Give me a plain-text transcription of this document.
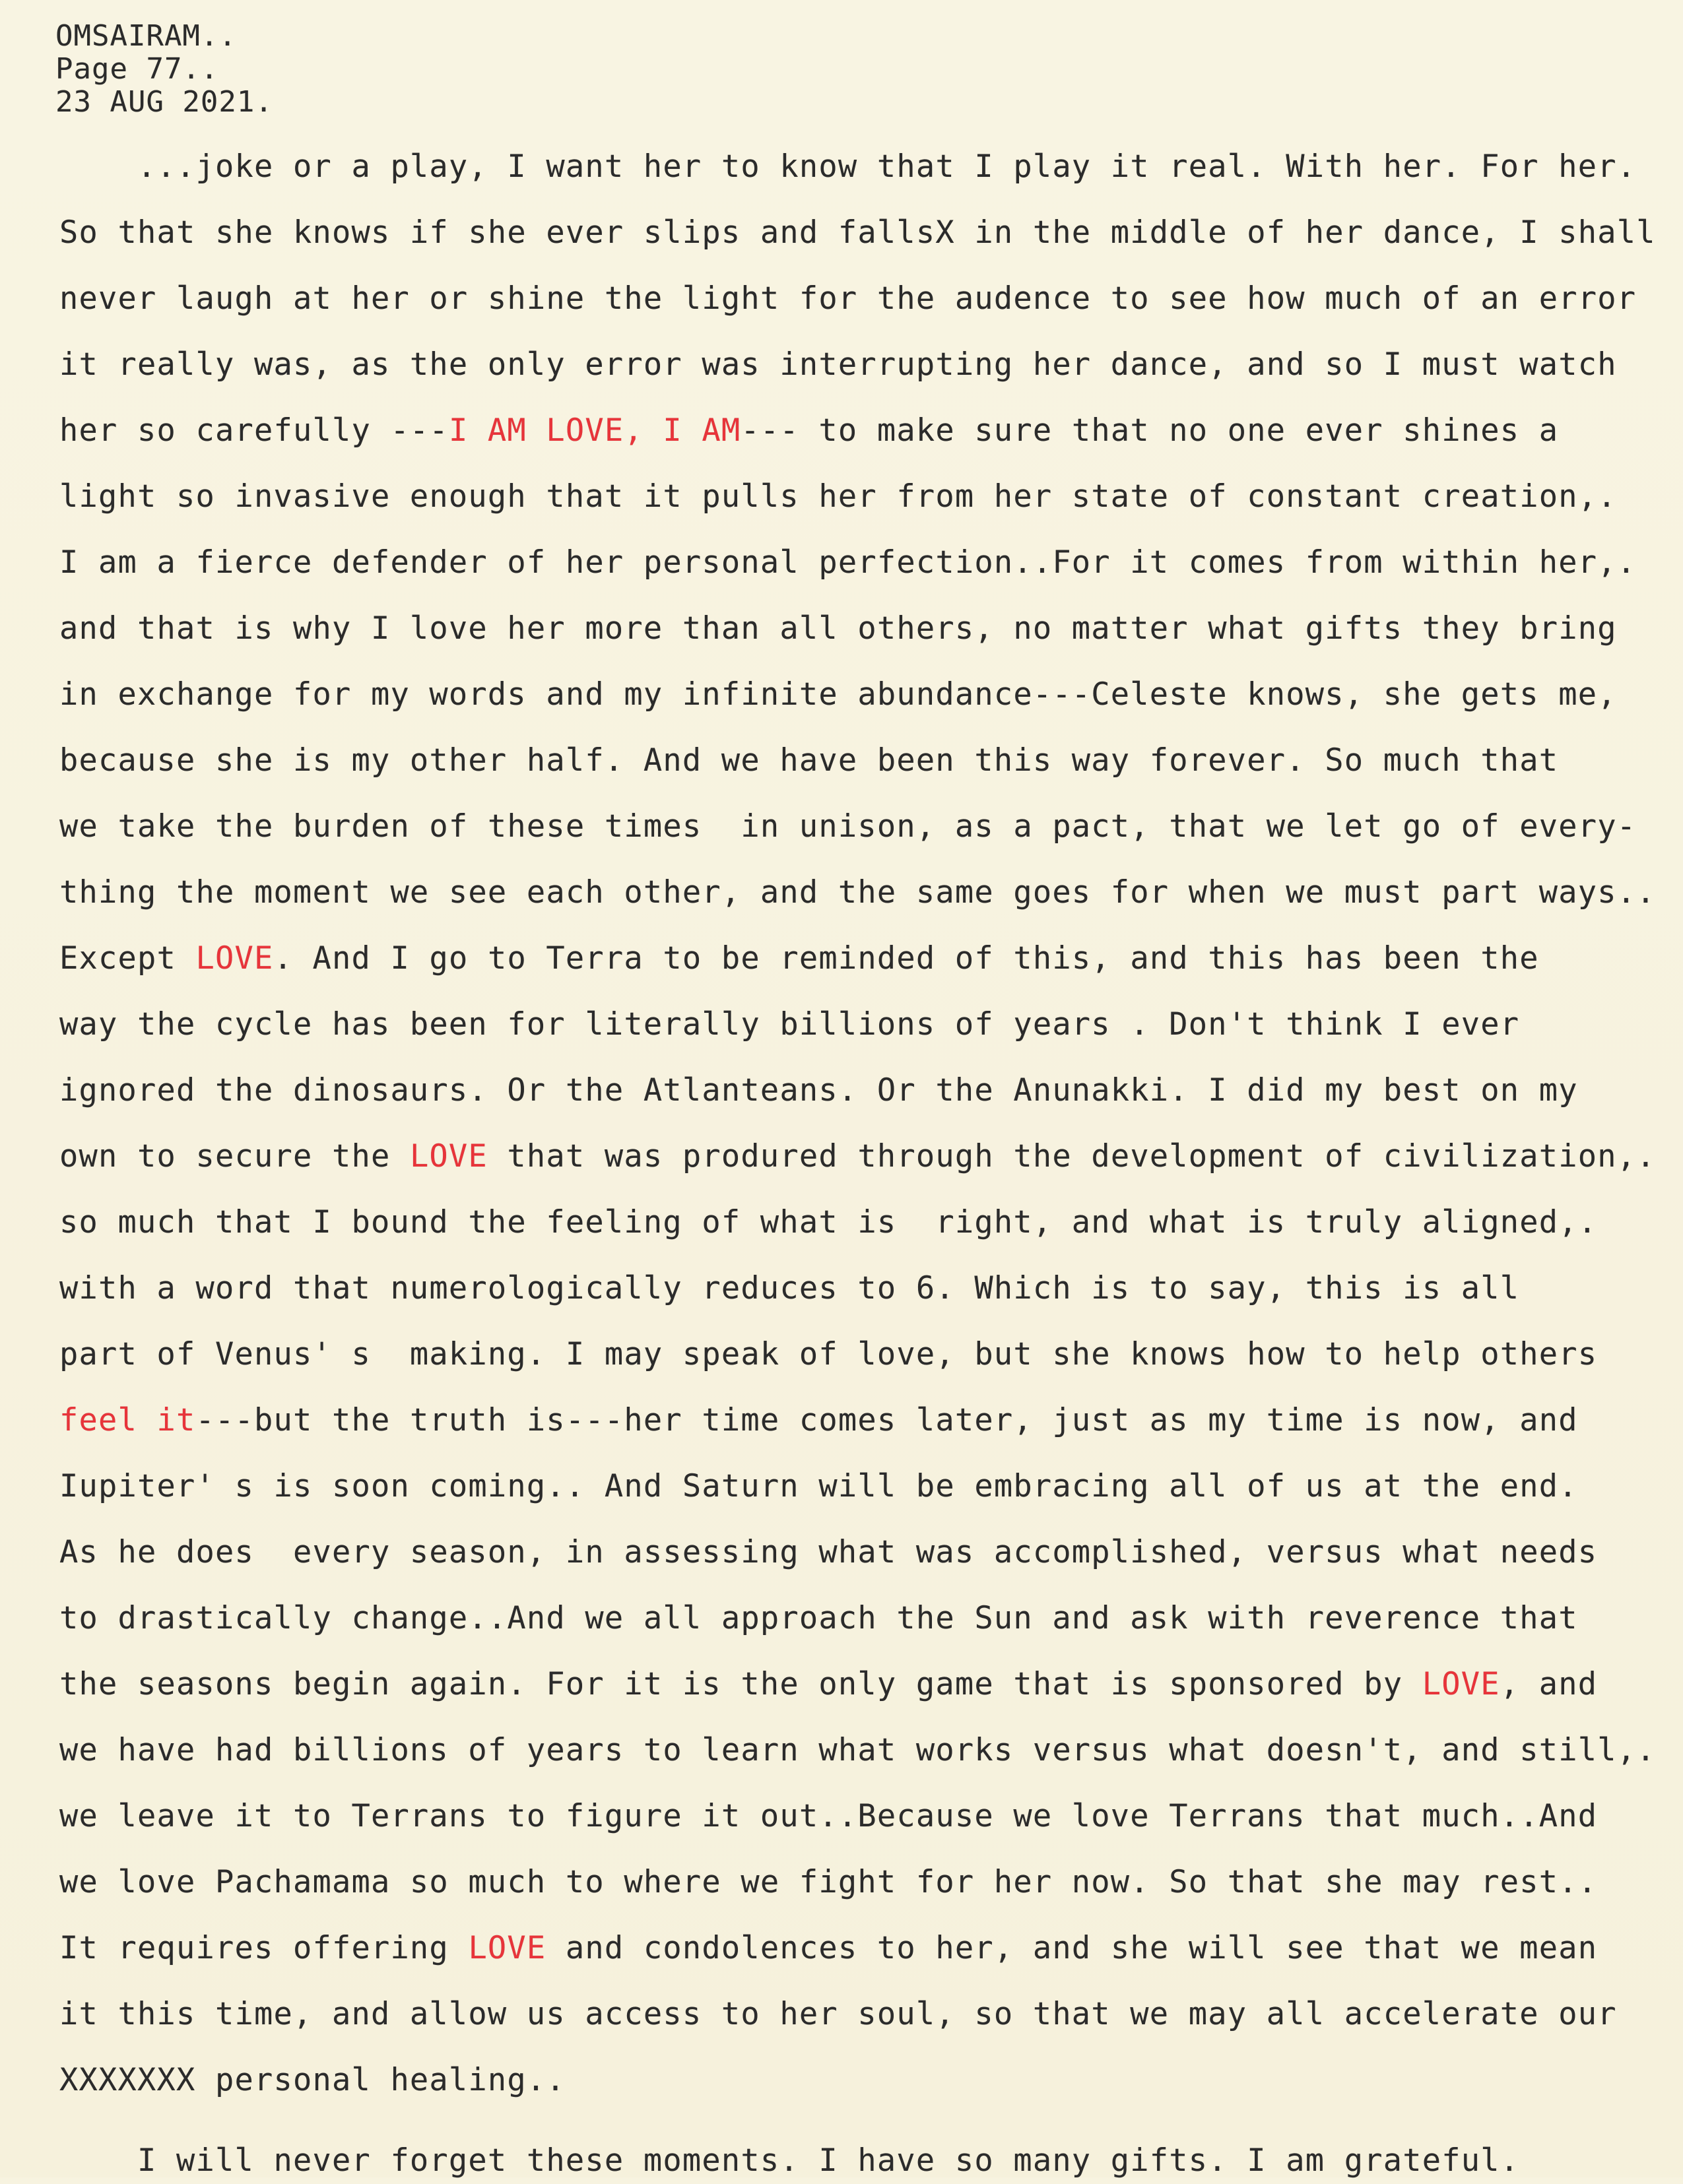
OMSAIRAM..
Page 77..
23 AUG 2021.
...joke or a play, I want her to know that I play it real. With her. For her.
So that she knows if she ever slips and fallsX in the middle of her dance, I shall
never laugh at her or shine the light for the audence to see how much of an error
it really was, as the only error was interrupting her dance, and so I must watch
her so carefully ---I AM LOVE, I AM--- to make sure that no one ever shines a
light so invasive enough that it pulls her from her state of constant creation,.
I am a fierce defender of her personal perfection..For it comes from within her,.
and that is why I love her more than all others, no matter what gifts they bring
in exchange for my words and my infinite abundance---Celeste knows, she gets me,
because she is my other half. And we have been this way forever. So much that
we take the burden of these times  in unison, as a pact, that we let go of every-
thing the moment we see each other, and the same goes for when we must part ways..
Except LOVE. And I go to Terra to be reminded of this, and this has been the
way the cycle has been for literally billions of years . Don't think I ever
ignored the dinosaurs. Or the Atlanteans. Or the Anunakki. I did my best on my
own to secure the LOVE that was produred through the development of civilization,.
so much that I bound the feeling of what is  right, and what is truly aligned,.
with a word that numerologically reduces to 6. Which is to say, this is all
part of Venus' s  making. I may speak of love, but she knows how to help others
feel it---but the truth is---her time comes later, just as my time is now, and
Iupiter' s is soon coming.. And Saturn will be embracing all of us at the end.
As he does  every season, in assessing what was accomplished, versus what needs
to drastically change..And we all approach the Sun and ask with reverence that
the seasons begin again. For it is the only game that is sponsored by LOVE, and
we have had billions of years to learn what works versus what doesn't, and still,.
we leave it to Terrans to figure it out..Because we love Terrans that much..And
we love Pachamama so much to where we fight for her now. So that she may rest..
It requires offering LOVE and condolences to her, and she will see that we mean
it this time, and allow us access to her soul, so that we may all accelerate our
XXXXXXX personal healing..
I will never forget these moments. I have so many gifts. I am grateful.
